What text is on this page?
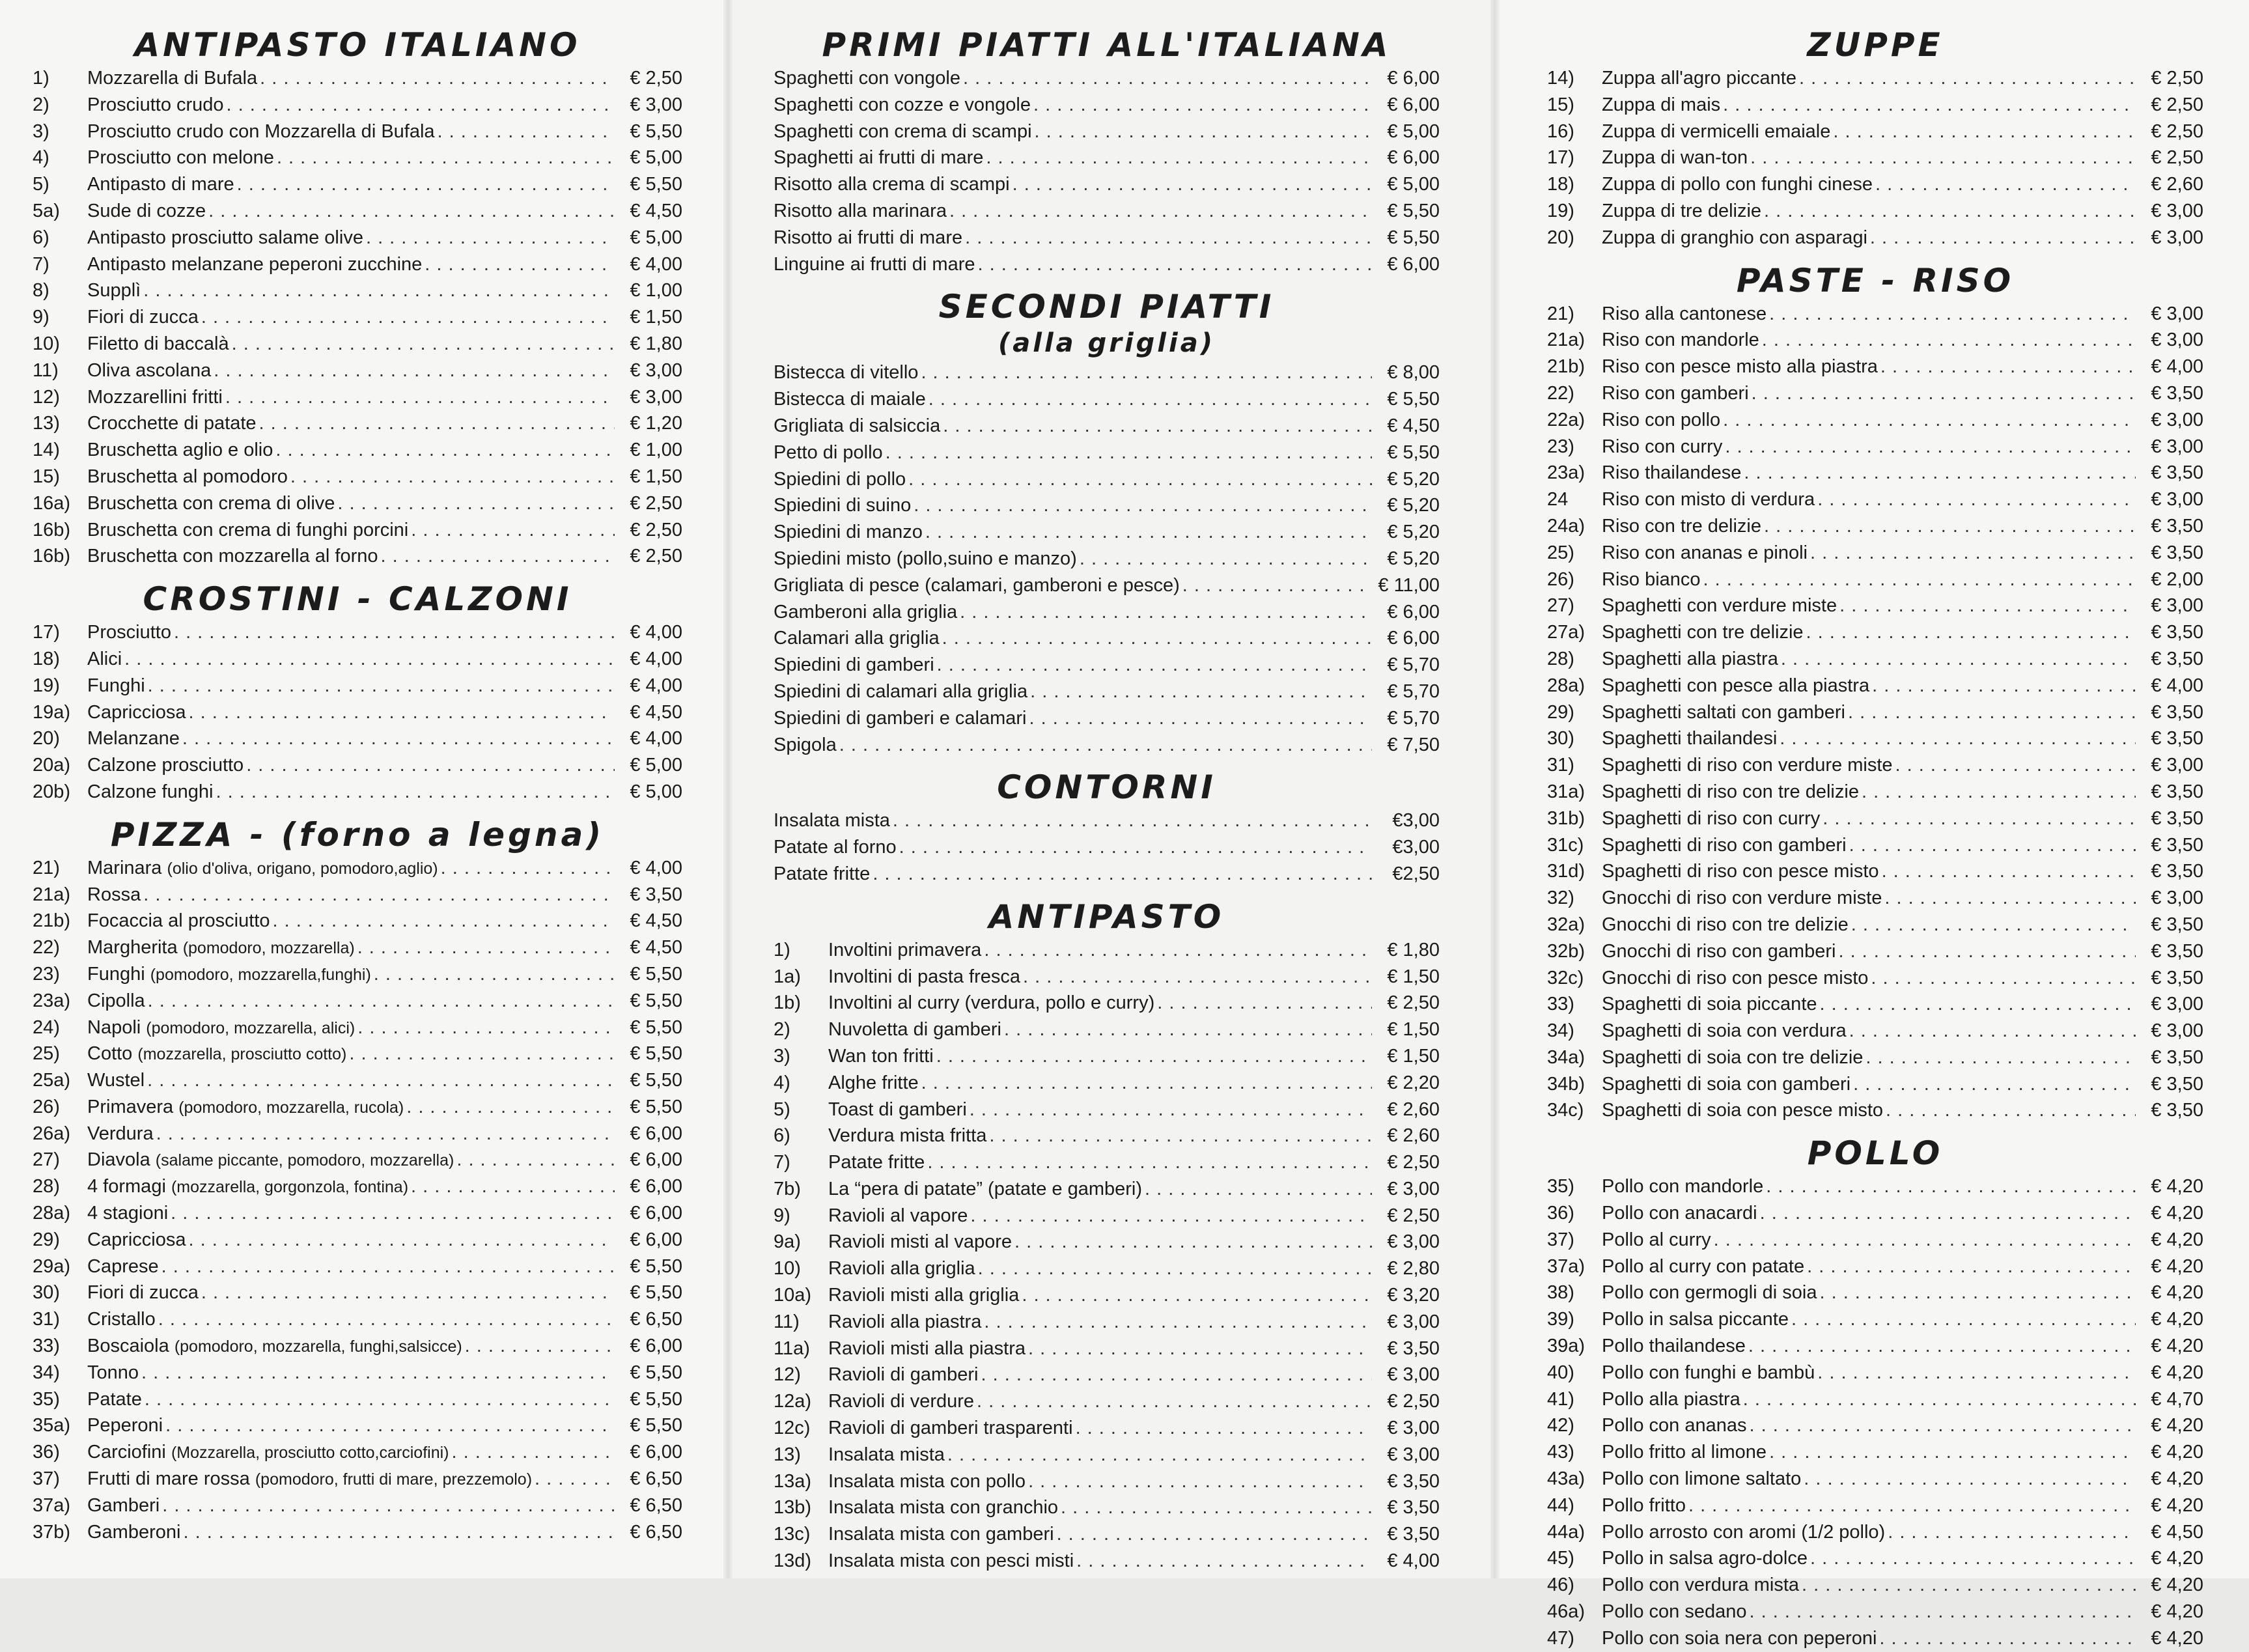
ANTIPASTO ITALIANO
1)	Mozzarella di Bufala . . .	€ 2,50
2)	Prosciutto crudo . . .	€ 3,00
3)	Prosciutto crudo con Mozzarella di Bufala . . .	€ 5,50
4)	Prosciutto con melone . . .	€ 5,00
5)	Antipasto di mare . . .	€ 5,50
5a)	Sude di cozze . . .	€ 4,50
6)	Antipasto prosciutto salame olive . . .	€ 5,00
7)	Antipasto melanzane peperoni zucchine . . .	€ 4,00
8)	Supplì . . .	€ 1,00
9)	Fiori di zucca . . .	€ 1,50
10)	Filetto di baccalà . . .	€ 1,80
11)	Oliva ascolana . . .	€ 3,00
12)	Mozzarellini fritti . . .	€ 3,00
13)	Crocchette di patate . . .	€ 1,20
14)	Bruschetta aglio e olio . . .	€ 1,00
15)	Bruschetta al pomodoro . . .	€ 1,50
16a) Bruschetta con crema di olive . . .	€ 2,50
16b) Bruschetta con crema di funghi porcini . . .	€ 2,50
16b) Bruschetta con mozzarella al forno . . .	€ 2,50
CROSTINI - CALZONI
17)	Prosciutto . . .	€ 4,00
18)	Alici . . .	€ 4,00
19)	Funghi . . .	€ 4,00
19a) Capricciosa . . .	€ 4,50
20)	Melanzane . . .	€ 4,00
20a) Calzone prosciutto . . .	€ 5,00
20b) Calzone funghi . . .	€ 5,00
PIZZA - (forno a legna)
21)	Marinara (olio d'oliva, origano, pomodoro,aglio) . . .	€ 4,00
21a) Rossa . . .	€ 3,50
21b) Focaccia al prosciutto . . .	€ 4,50
22)	Margherita (pomodoro, mozzarella) . . .	€ 4,50
23)	Funghi (pomodoro, mozzarella,funghi) . . .	€ 5,50
23a) Cipolla . . .	€ 5,50
24)	Napoli (pomodoro, mozzarella, alici) . . .	€ 5,50
25)	Cotto (mozzarella, prosciutto cotto) . . .	€ 5,50
25a) Wustel . . .	€ 5,50
26)	Primavera (pomodoro, mozzarella, rucola) . . .	€ 5,50
26a) Verdura . . .	€ 6,00
27)	Diavola (salame piccante, pomodoro, mozzarella) . . .	€ 6,00
28)	4 formagi (mozzarella, gorgonzola, fontina) . . .	€ 6,00
28a) 4 stagioni . . .	€ 6,00
29)	Capricciosa . . .	€ 6,00
29a) Caprese . . .	€ 5,50
30)	Fiori di zucca . . .	€ 5,50
31)	Cristallo . . .	€ 6,50
33)	Boscaiola (pomodoro, mozzarella, funghi,salsicce) . . .	€ 6,00
34)	Tonno . . .	€ 5,50
35)	Patate . . .	€ 5,50
35a) Peperoni . . .	€ 5,50
36)	Carciofini (Mozzarella, prosciutto cotto,carciofini) . . .	€ 6,00
37)	Frutti di mare rossa (pomodoro, frutti di mare, prezzemolo) . . .	€ 6,50
37a) Gamberi . . .	€ 6,50
37b) Gamberoni . . .	€ 6,50
PRIMI PIATTI ALL'ITALIANA
Spaghetti con vongole . . .	€ 6,00
Spaghetti con cozze e vongole . . .	€ 6,00
Spaghetti con crema di scampi . . .	€ 5,00
Spaghetti ai frutti di mare . . .	€ 6,00
Risotto alla crema di scampi . . .	€ 5,00
Risotto alla marinara . . .	€ 5,50
Risotto ai frutti di mare . . .	€ 5,50
Linguine ai frutti di mare . . .	€ 6,00
SECONDI PIATTI
(alla griglia)
Bistecca di vitello . . .	€ 8,00
Bistecca di maiale . . .	€ 5,50
Grigliata di salsiccia . . .	€ 4,50
Petto di pollo . . .	€ 5,50
Spiedini di pollo . . .	€ 5,20
Spiedini di suino . . .	€ 5,20
Spiedini di manzo . . .	€ 5,20
Spiedini misto (pollo,suino e manzo) . . .	€ 5,20
Grigliata di pesce (calamari, gamberoni e pesce) . . .	€ 11,00
Gamberoni alla griglia . . .	€ 6,00
Calamari alla griglia . . .	€ 6,00
Spiedini di gamberi . . .	€ 5,70
Spiedini di calamari alla griglia . . .	€ 5,70
Spiedini di gamberi e calamari . . .	€ 5,70
Spigola . . .	€ 7,50
CONTORNI
Insalata mista . . .	€3,00
Patate al forno . . .	€3,00
Patate fritte . . .	€2,50
ANTIPASTO
1)	Involtini primavera . . .	€ 1,80
1a)	Involtini di pasta fresca . . .	€ 1,50
1b)	Involtini al curry (verdura, pollo e curry) . . .	€ 2,50
2)	Nuvoletta di gamberi . . .	€ 1,50
3)	Wan ton fritti . . .	€ 1,50
4)	Alghe fritte . . .	€ 2,20
5)	Toast di gamberi . . .	€ 2,60
6)	Verdura mista fritta . . .	€ 2,60
7)	Patate fritte . . .	€ 2,50
7b)	La “pera di patate” (patate e gamberi) . . .	€ 3,00
9)	Ravioli al vapore . . .	€ 2,50
9a)	Ravioli misti al vapore . . .	€ 3,00
10)	Ravioli alla griglia . . .	€ 2,80
10a) Ravioli misti alla griglia . . .	€ 3,20
11)	Ravioli alla piastra . . .	€ 3,00
11a) Ravioli misti alla piastra . . .	€ 3,50
12)	Ravioli di gamberi . . .	€ 3,00
12a) Ravioli di verdure . . .	€ 2,50
12c) Ravioli di gamberi trasparenti . . .	€ 3,00
13)	Insalata mista . . .	€ 3,00
13a) Insalata mista con pollo . . .	€ 3,50
13b) Insalata mista con granchio . . .	€ 3,50
13c) Insalata mista con gamberi . . .	€ 3,50
13d) Insalata mista con pesci misti . . .	€ 4,00
ZUPPE
14)	Zuppa all'agro piccante . . .	€ 2,50
15)	Zuppa di mais . . .	€ 2,50
16)	Zuppa di vermicelli emaiale . . .	€ 2,50
17)	Zuppa di wan-ton . . .	€ 2,50
18)	Zuppa di pollo con funghi cinese . . .	€ 2,60
19)	Zuppa di tre delizie . . .	€ 3,00
20)	Zuppa di granghio con asparagi . . .	€ 3,00
PASTE - RISO
21)	Riso alla cantonese . . .	€ 3,00
21a) Riso con mandorle . . .	€ 3,00
21b) Riso con pesce misto alla piastra . . .	€ 4,00
22)	Riso con gamberi . . .	€ 3,50
22a) Riso con pollo . . .	€ 3,00
23)	Riso con curry . . .	€ 3,00
23a) Riso thailandese . . .	€ 3,50
24	Riso con misto di verdura . . .	€ 3,00
24a) Riso con tre delizie . . .	€ 3,50
25)	Riso con ananas e pinoli . . .	€ 3,50
26)	Riso bianco . . .	€ 2,00
27)	Spaghetti con verdure miste . . .	€ 3,00
27a) Spaghetti con tre delizie . . .	€ 3,50
28)	Spaghetti alla piastra . . .	€ 3,50
28a) Spaghetti con pesce alla piastra . . .	€ 4,00
29)	Spaghetti saltati con gamberi . . .	€ 3,50
30)	Spaghetti thailandesi . . .	€ 3,50
31)	Spaghetti di riso con verdure miste . . .	€ 3,00
31a) Spaghetti di riso con tre delizie . . .	€ 3,50
31b) Spaghetti di riso con curry . . .	€ 3,50
31c) Spaghetti di riso con gamberi . . .	€ 3,50
31d) Spaghetti di riso con pesce misto . . .	€ 3,50
32)	Gnocchi di riso con verdure miste . . .	€ 3,00
32a) Gnocchi di riso con tre delizie . . .	€ 3,50
32b) Gnocchi di riso con gamberi . . .	€ 3,50
32c) Gnocchi di riso con pesce misto . . .	€ 3,50
33)	Spaghetti di soia piccante . . .	€ 3,00
34)	Spaghetti di soia con verdura . . .	€ 3,00
34a) Spaghetti di soia con tre delizie . . .	€ 3,50
34b) Spaghetti di soia con gamberi . . .	€ 3,50
34c) Spaghetti di soia con pesce misto . . .	€ 3,50
POLLO
35)	Pollo con mandorle . . .	€ 4,20
36)	Pollo con anacardi . . .	€ 4,20
37)	Pollo al curry . . .	€ 4,20
37a) Pollo al curry con patate . . .	€ 4,20
38)	Pollo con germogli di soia . . .	€ 4,20
39)	Pollo in salsa piccante . . .	€ 4,20
39a) Pollo thailandese . . .	€ 4,20
40)	Pollo con funghi e bambù . . .	€ 4,20
41)	Pollo alla piastra . . .	€ 4,70
42)	Pollo con ananas . . .	€ 4,20
43)	Pollo fritto al limone . . .	€ 4,20
43a) Pollo con limone saltato . . .	€ 4,20
44)	Pollo fritto . . .	€ 4,20
44a) Pollo arrosto con aromi (1/2 pollo) . . .	€ 4,50
45)	Pollo in salsa agro-dolce . . .	€ 4,20
46)	Pollo con verdura mista . . .	€ 4,20
46a) Pollo con sedano . . .	€ 4,20
47)	Pollo con soia nera con peperoni . . .	€ 4,20
